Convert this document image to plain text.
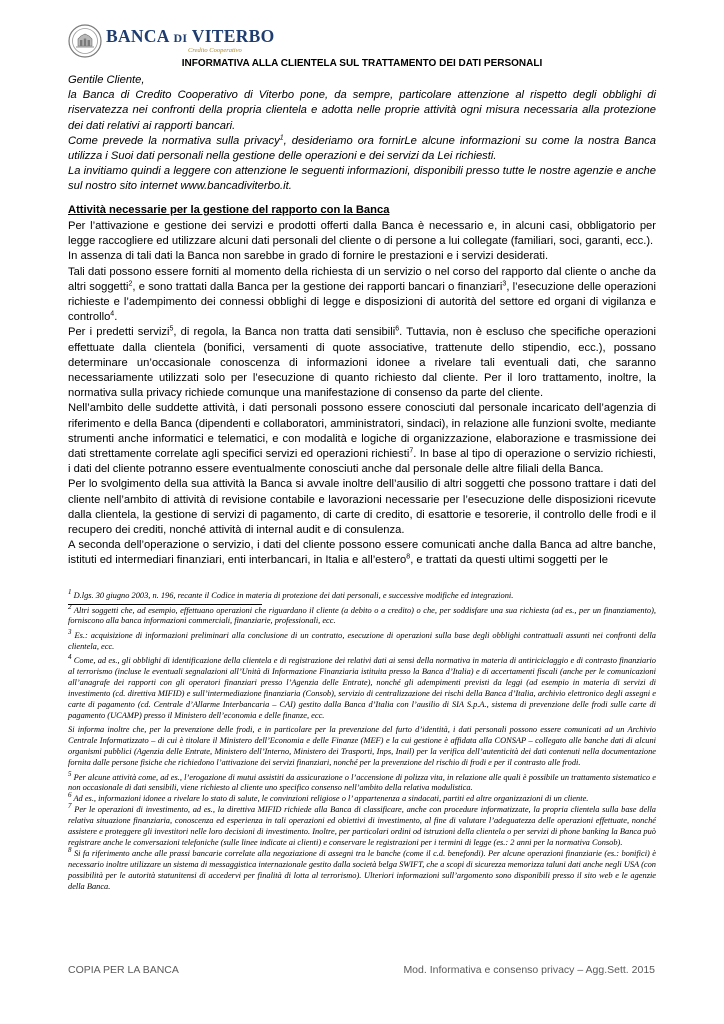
BANCA DI VITERBO
Credito Cooperativo
INFORMATIVA ALLA CLIENTELA SUL TRATTAMENTO DEI DATI PERSONALI

Gentile Cliente,

la Banca di Credito Cooperativo di Viterbo pone, da sempre, particolare attenzione al rispetto degli obblighi di riservatezza nei confronti della propria clientela e adotta nelle proprie attività ogni misura necessaria alla protezione dei dati relativi ai rapporti bancari.

Come prevede la normativa sulla privacy$^1$, desideriamo ora fornirLe alcune informazioni su come la nostra Banca utilizza i Suoi dati personali nella gestione delle operazioni e dei servizi da Lei richiesti.

La invitiamo quindi a leggere con attenzione le seguenti informazioni, disponibili presso tutte le nostre agenzie e anche sul nostro sito internet www.bancadiviterbo.it.

Attività necessarie per la gestione del rapporto con la Banca

Per l’attivazione e gestione dei servizi e prodotti offerti dalla Banca è necessario e, in alcuni casi, obbligatorio per legge raccogliere ed utilizzare alcuni dati personali del cliente o di persone a lui collegate (familiari, soci, garanti, ecc.).

In assenza di tali dati la Banca non sarebbe in grado di fornire le prestazioni e i servizi desiderati.

Tali dati possono essere forniti al momento della richiesta di un servizio o nel corso del rapporto dal cliente o anche da altri soggetti$^2$, e sono trattati dalla Banca per la gestione dei rapporti bancari o finanziari$^3$, l’esecuzione delle operazioni richieste e l’adempimento dei connessi obblighi di legge e disposizioni di autorità del settore ed organi di vigilanza e controllo$^4$.

Per i predetti servizi$^5$, di regola, la Banca non tratta dati sensibili$^6$. Tuttavia, non è escluso che specifiche operazioni effettuate dalla clientela (bonifici, versamenti di quote associative, trattenute dello stipendio, ecc.), possano determinare un’occasionale conoscenza di informazioni idonee a rivelare tali eventuali dati, che saranno necessariamente utilizzati solo per l’esecuzione di quanto richiesto dal cliente. Per il loro trattamento, inoltre, la normativa sulla privacy richiede comunque una manifestazione di consenso da parte del cliente.

Nell’ambito delle suddette attività, i dati personali possono essere conosciuti dal personale incaricato dell’agenzia di riferimento e della Banca (dipendenti e collaboratori, amministratori, sindaci), in relazione alle funzioni svolte, mediante strumenti anche informatici e telematici, e con modalità e logiche di organizzazione, elaborazione e trasmissione dei dati strettamente correlate agli specifici servizi ed operazioni richiesti$^7$. In base al tipo di operazione o servizio richiesti, i dati del cliente potranno essere eventualmente conosciuti anche dal personale delle altre filiali della Banca.

Per lo svolgimento della sua attività la Banca si avvale inoltre dell’ausilio di altri soggetti che possono trattare i dati del cliente nell’ambito di attività di revisione contabile e lavorazioni necessarie per l’esecuzione delle disposizioni ricevute dalla clientela, la gestione di servizi di pagamento, di carte di credito, di esattorie e tesorerie, il controllo delle frodi e il recupero dei crediti, nonché attività di internal audit e di consulenza.

A seconda dell’operazione o servizio, i dati del cliente possono essere comunicati anche dalla Banca ad altre banche, istituti ed intermediari finanziari, enti interbancari, in Italia e all’estero$^8$, e trattati da questi ultimi soggetti per le

$^1$ D.lgs. 30 giugno 2003, n. 196, recante il Codice in materia di protezione dei dati personali, e successive modifiche ed integrazioni.

$^2$ Altri soggetti che, ad esempio, effettuano operazioni che riguardano il cliente (a debito o a credito) o che, per soddisfare una sua richiesta (ad es., per un finanziamento), forniscono alla banca informazioni commerciali, finanziarie, professionali, ecc.

$^3$ Es.: acquisizione di informazioni preliminari alla conclusione di un contratto, esecuzione di operazioni sulla base degli obblighi contrattuali assunti nei confronti della clientela, ecc.

$^4$ Come, ad es., gli obblighi di identificazione della clientela e di registrazione dei relativi dati ai sensi della normativa in materia di antiriciclaggio e di contrasto finanziario al terrorismo (incluse le eventuali segnalazioni all’Unità di Informazione Finanziaria istituita presso la Banca d’Italia) e di accertamenti fiscali (anche per le comunicazioni all’anagrafe dei rapporti con gli operatori finanziari presso l’Agenzia delle Entrate), nonché gli adempimenti previsti da leggi (ad esempio in materia di servizi di investimento (cd. direttiva MIFID) e sull’intermediazione finanziaria (Consob), servizio di centralizzazione dei rischi della Banca d’Italia, archivio elettronico degli assegni e carte di pagamento (cd. Centrale d’Allarme Interbancaria – CAI) gestito dalla Banca d’Italia con l’ausilio di SIA S.p.A., sistema di prevenzione delle frodi sulle carte di pagamento (UCAMP) presso il Ministero dell’economia e delle finanze, ecc.

Si informa inoltre che, per la prevenzione delle frodi, e in particolare per la prevenzione del furto d’identità, i dati personali possono essere comunicati ad un Archivio Centrale Informatizzato – di cui è titolare il Ministero dell’Economia e delle Finanze (MEF) e la cui gestione è affidata alla CONSAP – collegato alle banche dati di alcuni organismi pubblici (Agenzia delle Entrate, Ministero dell’Interno, Ministero dei Trasporti, Inps, Inail) per la verifica dell’autenticità dei dati contenuti nella documentazione fornita dalle persone fisiche che richiedono l’attivazione dei servizi finanziari, nonché per la prevenzione del rischio di frodi e per il contrasto alle frodi.

$^5$ Per alcune attività come, ad es., l’erogazione di mutui assistiti da assicurazione o l’accensione di polizza vita, in relazione alle quali è possibile un trattamento sistematico e non occasionale di dati sensibili, viene richiesto al cliente uno specifico consenso nell’ambito della relativa modulistica.

$^6$ Ad es., informazioni idonee a rivelare lo stato di salute, le convinzioni religiose o l’ appartenenza a sindacati, partiti ed altre organizzazioni di un cliente.

$^7$ Per le operazioni di investimento, ad es., la direttiva MIFID richiede alla Banca di classificare, anche con procedure informatizzate, la propria clientela sulla base della relativa situazione finanziaria, conoscenza ed esperienza in tali operazioni ed obiettivi di investimento, al fine di valutare l’adeguatezza delle operazioni effettuate, nonché assistere e proteggere gli investitori nelle loro decisioni di investimento. Inoltre, per particolari ordini od istruzioni della clientela o per servizi di phone banking la Banca può registrare anche le conversazioni telefoniche (sulle linee indicate ai clienti) e conservare le registrazioni per i termini di legge (es.: 2 anni per la normativa Consob).

$^8$ Si fa riferimento anche alle prassi bancarie correlate alla negoziazione di assegni tra le banche (come il c.d. benefondi). Per alcune operazioni finanziarie (es.: bonifici) è necessario inoltre utilizzare un sistema di messaggistica internazionale gestito dalla società belga SWIFT, che a scopi di sicurezza memorizza taluni dati anche negli USA (con possibilità per le autorità statunitensi di accedervi per finalità di lotta al terrorismo). Ulteriori informazioni sull’argomento sono disponibili presso il sito web e le agenzie della Banca.

COPIA PER LA BANCA	Mod. Informativa e consenso privacy – Agg.Sett. 2015
